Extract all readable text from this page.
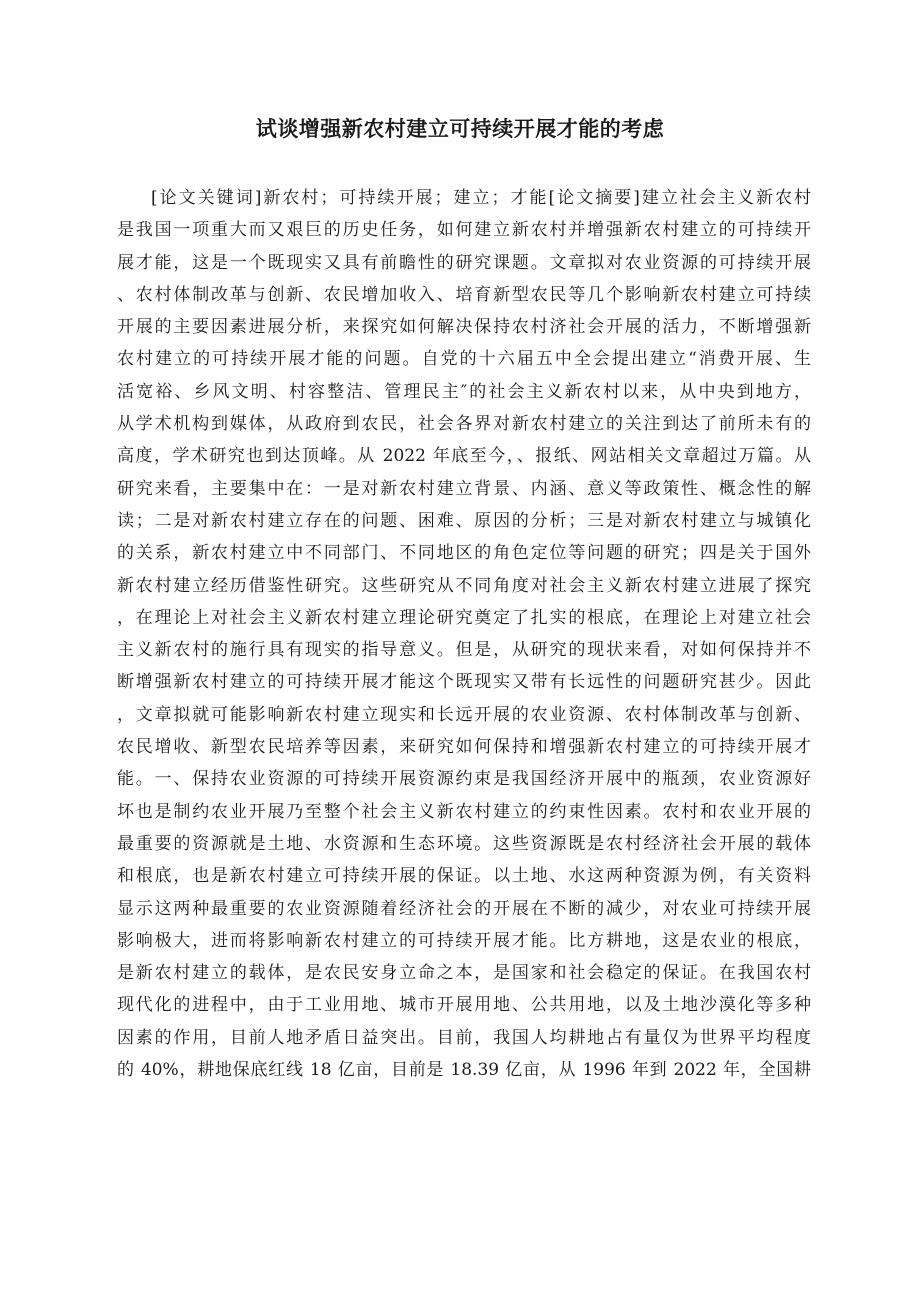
试谈增强新农村建立可持续开展才能的考虑
[论文关键词]新农村；可持续开展；建立；才能[论文摘要]建立社会主义新农村
是我国一项重大而又艰巨的历史任务，如何建立新农村并增强新农村建立的可持续开
展才能，这是一个既现实又具有前瞻性的研究课题。文章拟对农业资源的可持续开展
、农村体制改革与创新、农民增加收入、培育新型农民等几个影响新农村建立可持续
开展的主要因素进展分析，来探究如何解决保持农村济社会开展的活力，不断增强新
农村建立的可持续开展才能的问题。自党的十六届五中全会提出建立“消费开展、生
活宽裕、乡风文明、村容整洁、管理民主″的社会主义新农村以来，从中央到地方，
从学术机构到媒体，从政府到农民，社会各界对新农村建立的关注到达了前所未有的
高度，学术研究也到达顶峰。从 2022 年底至今，、报纸、网站相关文章超过万篇。从
研究来看，主要集中在：一是对新农村建立背景、内涵、意义等政策性、概念性的解
读；二是对新农村建立存在的问题、困难、原因的分析；三是对新农村建立与城镇化
的关系，新农村建立中不同部门、不同地区的角色定位等问题的研究；四是关于国外
新农村建立经历借鉴性研究。这些研究从不同角度对社会主义新农村建立进展了探究
，在理论上对社会主义新农村建立理论研究奠定了扎实的根底，在理论上对建立社会
主义新农村的施行具有现实的指导意义。但是，从研究的现状来看，对如何保持并不
断增强新农村建立的可持续开展才能这个既现实又带有长远性的问题研究甚少。因此
，文章拟就可能影响新农村建立现实和长远开展的农业资源、农村体制改革与创新、
农民增收、新型农民培养等因素，来研究如何保持和增强新农村建立的可持续开展才
能。一、保持农业资源的可持续开展资源约束是我国经济开展中的瓶颈，农业资源好
坏也是制约农业开展乃至整个社会主义新农村建立的约束性因素。农村和农业开展的
最重要的资源就是土地、水资源和生态环境。这些资源既是农村经济社会开展的载体
和根底，也是新农村建立可持续开展的保证。以土地、水这两种资源为例，有关资料
显示这两种最重要的农业资源随着经济社会的开展在不断的减少，对农业可持续开展
影响极大，进而将影响新农村建立的可持续开展才能。比方耕地，这是农业的根底，
是新农村建立的载体，是农民安身立命之本，是国家和社会稳定的保证。在我国农村
现代化的进程中，由于工业用地、城市开展用地、公共用地，以及土地沙漠化等多种
因素的作用，目前人地矛盾日益突出。目前，我国人均耕地占有量仅为世界平均程度
的 40%，耕地保底红线 18 亿亩，目前是 18.39 亿亩，从 1996 年到 2022 年，全国耕
